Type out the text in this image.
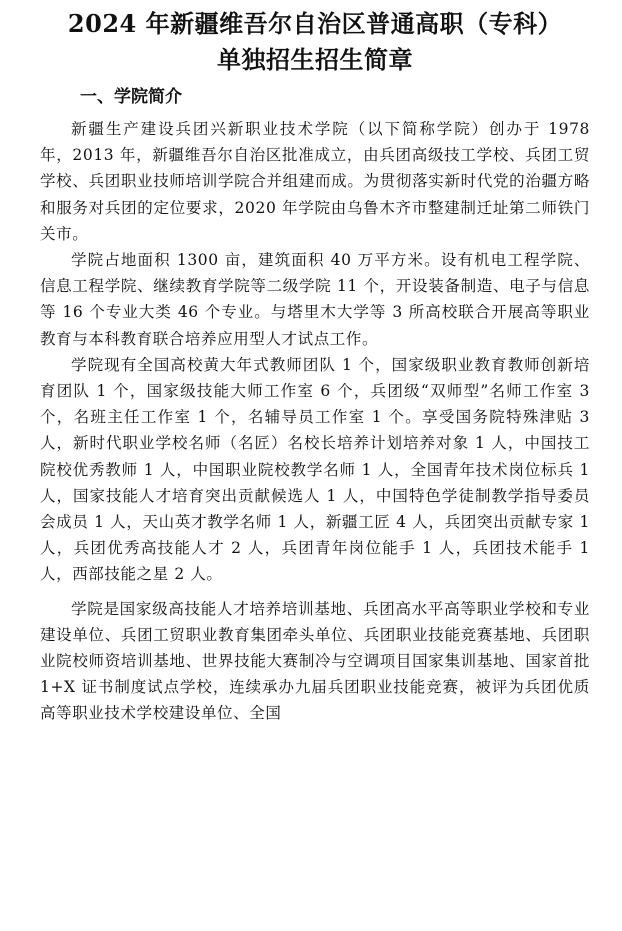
2024 年新疆维吾尔自治区普通高职（专科）
单独招生招生简章
一、学院简介

新疆生产建设兵团兴新职业技术学院（以下简称学院）创办于 1978 年，2013 年，新疆维吾尔自治区批准成立，由兵团高级技工学校、兵团工贸学校、兵团职业技师培训学院合并组建而成。为贯彻落实新时代党的治疆方略和服务对兵团的定位要求，2020 年学院由乌鲁木齐市整建制迁址第二师铁门关市。

学院占地面积 1300 亩，建筑面积 40 万平方米。设有机电工程学院、信息工程学院、继续教育学院等二级学院 11 个，开设装备制造、电子与信息等 16 个专业大类 46 个专业。与塔里木大学等 3 所高校联合开展高等职业教育与本科教育联合培养应用型人才试点工作。

学院现有全国高校黄大年式教师团队 1 个，国家级职业教育教师创新培育团队 1 个，国家级技能大师工作室 6 个，兵团级“双师型”名师工作室 3 个，名班主任工作室 1 个，名辅导员工作室 1 个。享受国务院特殊津贴 3 人，新时代职业学校名师（名匠）名校长培养计划培养对象 1 人，中国技工院校优秀教师 1 人，中国职业院校教学名师 1 人，全国青年技术岗位标兵 1 人，国家技能人才培育突出贡献候选人 1 人，中国特色学徒制教学指导委员会成员 1 人，天山英才教学名师 1 人，新疆工匠 4 人，兵团突出贡献专家 1 人，兵团优秀高技能人才 2 人，兵团青年岗位能手 1 人，兵团技术能手 1 人，西部技能之星 2 人。

学院是国家级高技能人才培养培训基地、兵团高水平高等职业学校和专业建设单位、兵团工贸职业教育集团牵头单位、兵团职业技能竞赛基地、兵团职业院校师资培训基地、世界技能大赛制冷与空调项目国家集训基地、国家首批 1+X 证书制度试点学校，连续承办九届兵团职业技能竞赛，被评为兵团优质高等职业技术学校建设单位、全国
